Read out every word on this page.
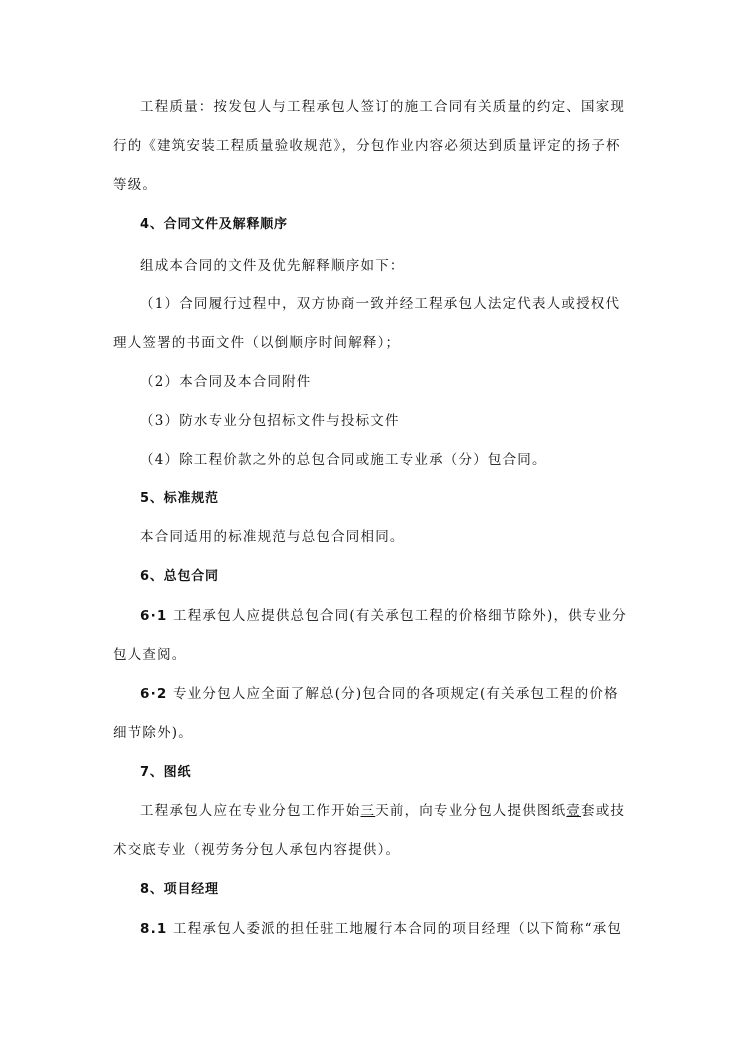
工程质量：按发包人与工程承包人签订的施工合同有关质量的约定、国家现
行的《建筑安装工程质量验收规范》，分包作业内容必须达到质量评定的扬子杯
等级。
4、合同文件及解释顺序
组成本合同的文件及优先解释顺序如下：
（1）合同履行过程中，双方协商一致并经工程承包人法定代表人或授权代
理人签署的书面文件（以倒顺序时间解释）；
（2）本合同及本合同附件
（3）防水专业分包招标文件与投标文件
（4）除工程价款之外的总包合同或施工专业承（分）包合同。
5、标准规范
本合同适用的标准规范与总包合同相同。
6、总包合同
6·1 工程承包人应提供总包合同(有关承包工程的价格细节除外)，供专业分
包人查阅。
6·2 专业分包人应全面了解总(分)包合同的各项规定(有关承包工程的价格
细节除外)。
7、图纸
工程承包人应在专业分包工作开始三天前，向专业分包人提供图纸壹套或技
术交底专业（视劳务分包人承包内容提供）。
8、项目经理
8.1 工程承包人委派的担任驻工地履行本合同的项目经理（以下简称“承包
